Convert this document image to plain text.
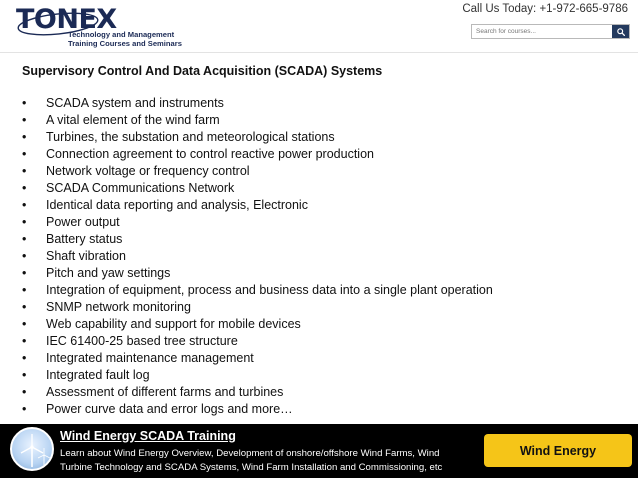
TONEX
Technology and Management
Training Courses and Seminars
Call Us Today: +1-972-665-9786
Search for courses...
Supervisory Control And Data Acquisition (SCADA) Systems
•	SCADA system and instruments
•	A vital element of the wind farm
•	Turbines, the substation and meteorological stations
•	Connection agreement to control reactive power production
•	Network voltage or frequency control
•	SCADA Communications Network
•	Identical data reporting and analysis, Electronic
•	Power output
•	Battery status
•	Shaft vibration
•	Pitch and yaw settings
•	Integration of equipment, process and business data into a single plant operation
•	SNMP network monitoring
•	Web capability and support for mobile devices
•	IEC 61400-25 based tree structure
•	Integrated maintenance management
•	Integrated fault log
•	Assessment of different farms and turbines
•	Power curve data and error logs and more…
Wind Energy SCADA Training
Learn about Wind Energy Overview, Development of onshore/offshore Wind Farms, Wind
Turbine Technology and SCADA Systems, Wind Farm Installation and Commissioning, etc
Wind Energy
